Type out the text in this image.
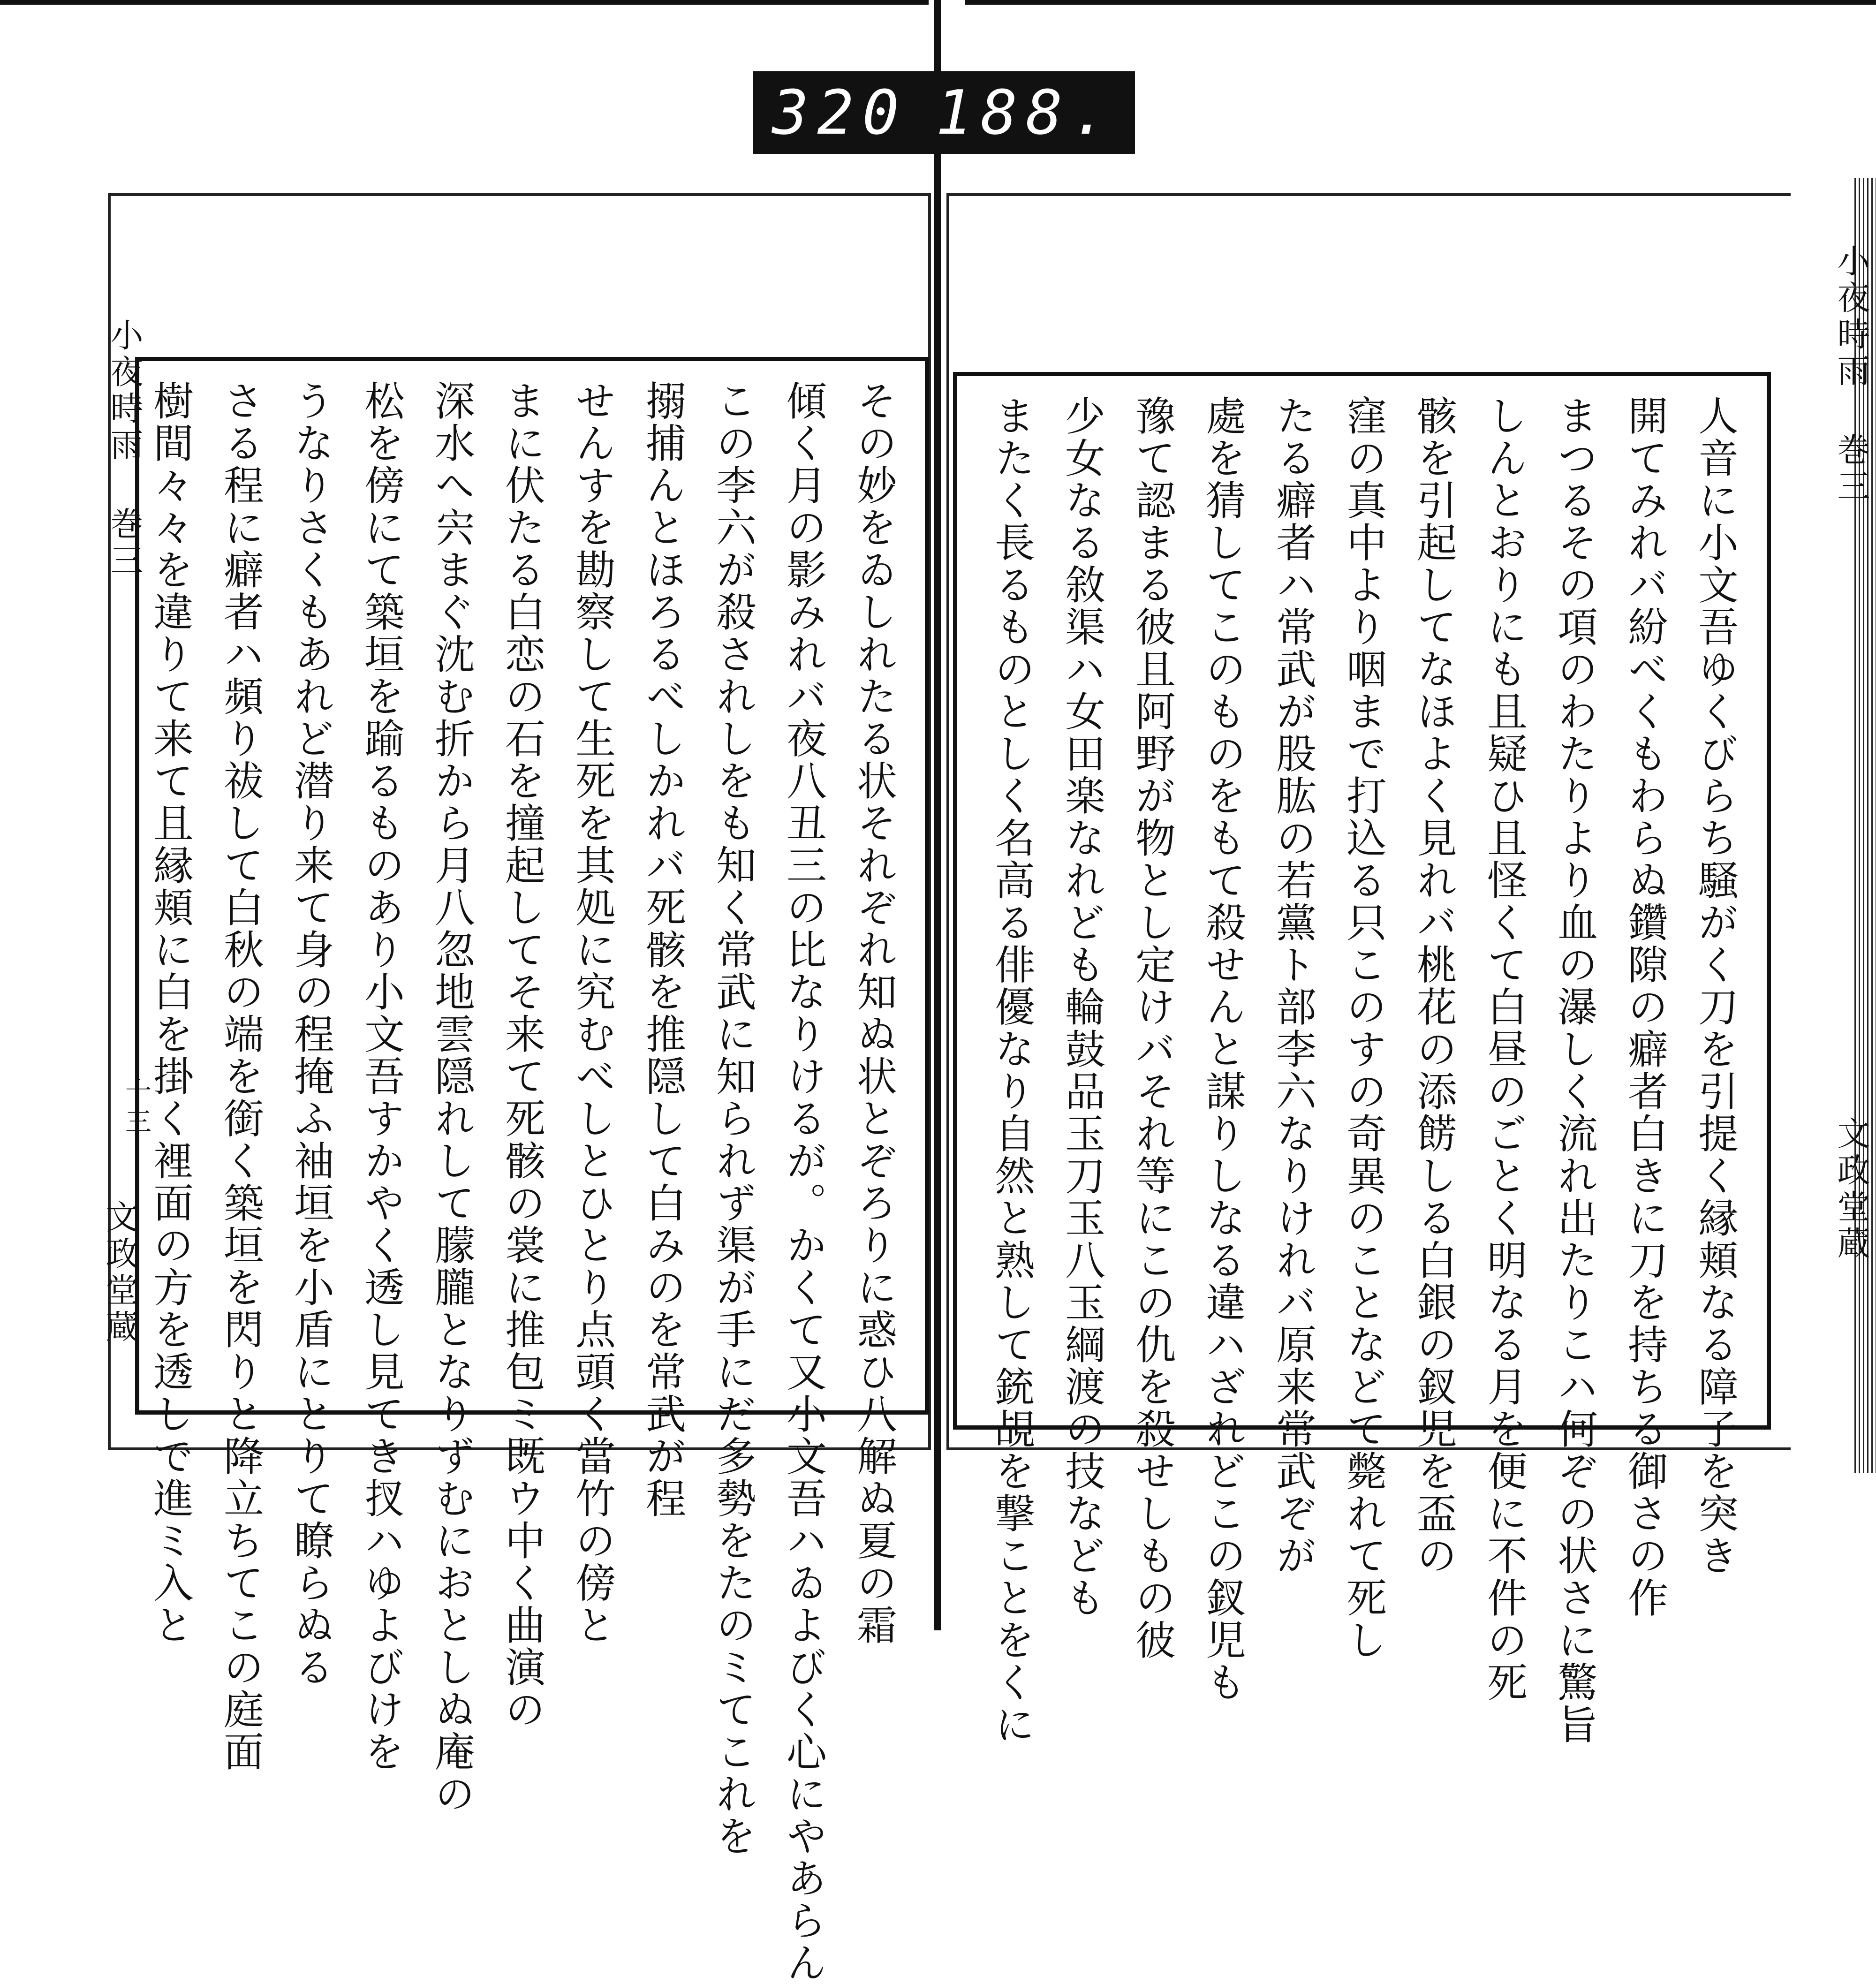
320 188.
小夜時雨 巻三
十三
文政堂蔵	その妙をゐしれたる状それぞれ知ぬ状とぞろりに惑ひ八解ぬ夏の霜
傾く月の影みれバ夜八丑三の比なりけるが。かくて又小文吾ハゐよびく心にやあらん
この李六が殺されしをも知く常武に知られず渠が手にだ多勢をたのミてこれを
搦捕んとほろるべしかれバ死骸を推隠して白みのを常武が程
せんすを勘察して生死を其処に究むべしとひとり点頭く當竹の傍と
まに伏たる白恋の石を撞起してそ来て死骸の裳に推包ミ既ウ中く曲演の
深水へ宍まぐ沈む折から月八忽地雲隠れして朦朧となりずむにおとしぬ庵の
松を傍にて築垣を踰るものあり小文吾すかやく透し見てき扠ハゆよびけを
うなりさくもあれど潜り来て身の程掩ふ袖垣を小盾にとりて瞭らぬる
さる程に癖者ハ頻り祓して白秋の端を銜く築垣を閃りと降立ちてこの庭面
樹間々々を違りて来て且縁頬に白を掛く裡面の方を透しで進ミ入と	人音に小文吾ゆくびらち騒がく刀を引提く縁頬なる障子を突き
開てみれバ紛べくもわらぬ鑽隙の癖者白きに刀を持ちる御さの作
まつるその項のわたりより血の瀑しく流れ出たりこハ何ぞの状さに驚旨
しんとおりにも且疑ひ且怪くて白昼のごとく明なる月を便に不件の死
骸を引起してなほよく見れバ桃花の添餝しる白銀の釵児を盃の
窪の真中より咽まで打込る只このすの奇異のことなどて斃れて死し
たる癖者ハ常武が股肱の若黨ト部李六なりけれバ原来常武ぞが
處を猜してこのものをもて殺せんと謀りしなる違ハざれどこの釵児も
豫て認まる彼且阿野が物とし定けバそれ等にこの仇を殺せしもの彼
少女なる敘渠ハ女田楽なれども輪鼓品玉刀玉八玉綱渡の技なども
またく長るものとしく名高る俳優なり自然と熟して銃覘を撃ことをくに
小夜時雨 巻三
文政堂蔵
